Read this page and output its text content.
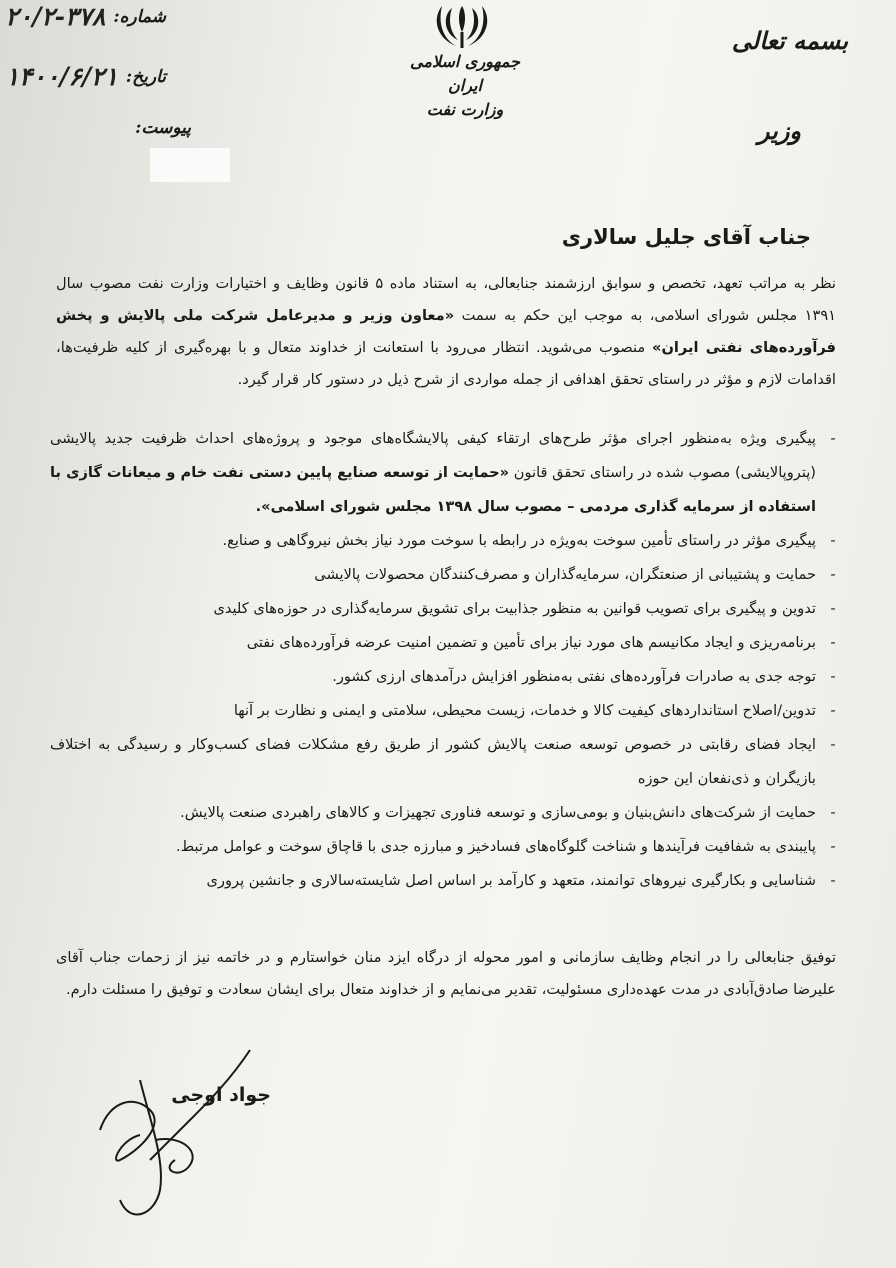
جمهوری اسلامی ایران
وزارت نفت
بسمه تعالی
وزیر
شماره:
۲۰/۲-۳۷۸
تاریخ:
۱۴۰۰/۶/۲۱
پیوست:
جناب آقای جلیل سالاری
نظر به مراتب تعهد، تخصص و سوابق ارزشمند جنابعالی، به استناد ماده ۵ قانون وظایف و اختیارات وزارت نفت مصوب سال ۱۳۹۱ مجلس شورای اسلامی، به موجب این حکم به سمت «معاون وزیر و مدیرعامل شرکت ملی پالایش و پخش فرآورده‌های نفتی ایران» منصوب می‌شوید. انتظار می‌رود با استعانت از خداوند متعال و با بهره‌گیری از کلیه ظرفیت‌ها، اقدامات لازم و مؤثر در راستای تحقق اهدافی از جمله مواردی از شرح ذیل در دستور کار قرار گیرد.
-
پیگیری ویژه به‌منظور اجرای مؤثر طرح‌های ارتقاء کیفی پالایشگاه‌های موجود و پروژه‌های احداث ظرفیت جدید پالایشی (پتروپالایشی) مصوب شده در راستای تحقق قانون «حمایت از توسعه صنایع پایین دستی نفت خام و میعانات گازی با استفاده از سرمایه گذاری مردمی – مصوب سال ۱۳۹۸ مجلس شورای اسلامی».
-
پیگیری مؤثر در راستای تأمین سوخت به‌ویژه در رابطه با سوخت مورد نیاز بخش نیروگاهی و صنایع.
-
حمایت و پشتیبانی از صنعتگران، سرمایه‌گذاران و مصرف‌کنندگان محصولات پالایشی
-
تدوین و پیگیری برای تصویب قوانین به منظور جذابیت برای تشویق سرمایه‌گذاری در حوزه‌های کلیدی
-
برنامه‌ریزی و ایجاد مکانیسم های مورد نیاز برای تأمین و تضمین امنیت عرضه فرآورده‌های نفتی
-
توجه جدی به صادرات فرآورده‌های نفتی به‌منظور افزایش درآمدهای ارزی کشور.
-
تدوین/اصلاح استانداردهای کیفیت کالا و خدمات، زیست محیطی، سلامتی و ایمنی و نظارت بر آنها
-
ایجاد فضای رقابتی در خصوص توسعه صنعت پالایش کشور از طریق رفع مشکلات فضای کسب‌وکار و رسیدگی به اختلاف بازیگران و ذی‌نفعان این حوزه
-
حمایت از شرکت‌های دانش‌بنیان و بومی‌سازی و توسعه فناوری تجهیزات و کالاهای راهبردی صنعت پالایش.
-
پایبندی به شفافیت فرآیندها و شناخت گلوگاه‌های فسادخیز و مبارزه جدی با قاچاق سوخت و عوامل مرتبط.
-
شناسایی و بکارگیری نیروهای توانمند، متعهد و کارآمد بر اساس اصل شایسته‌سالاری و جانشین پروری
توفیق جنابعالی را در انجام وظایف سازمانی و امور محوله از درگاه ایزد منان خواستارم و در خاتمه نیز از زحمات جناب آقای علیرضا صادق‌آبادی در مدت عهده‌داری مسئولیت، تقدیر می‌نمایم و از خداوند متعال برای ایشان سعادت و توفیق را مسئلت دارم.
جواد اوجی
